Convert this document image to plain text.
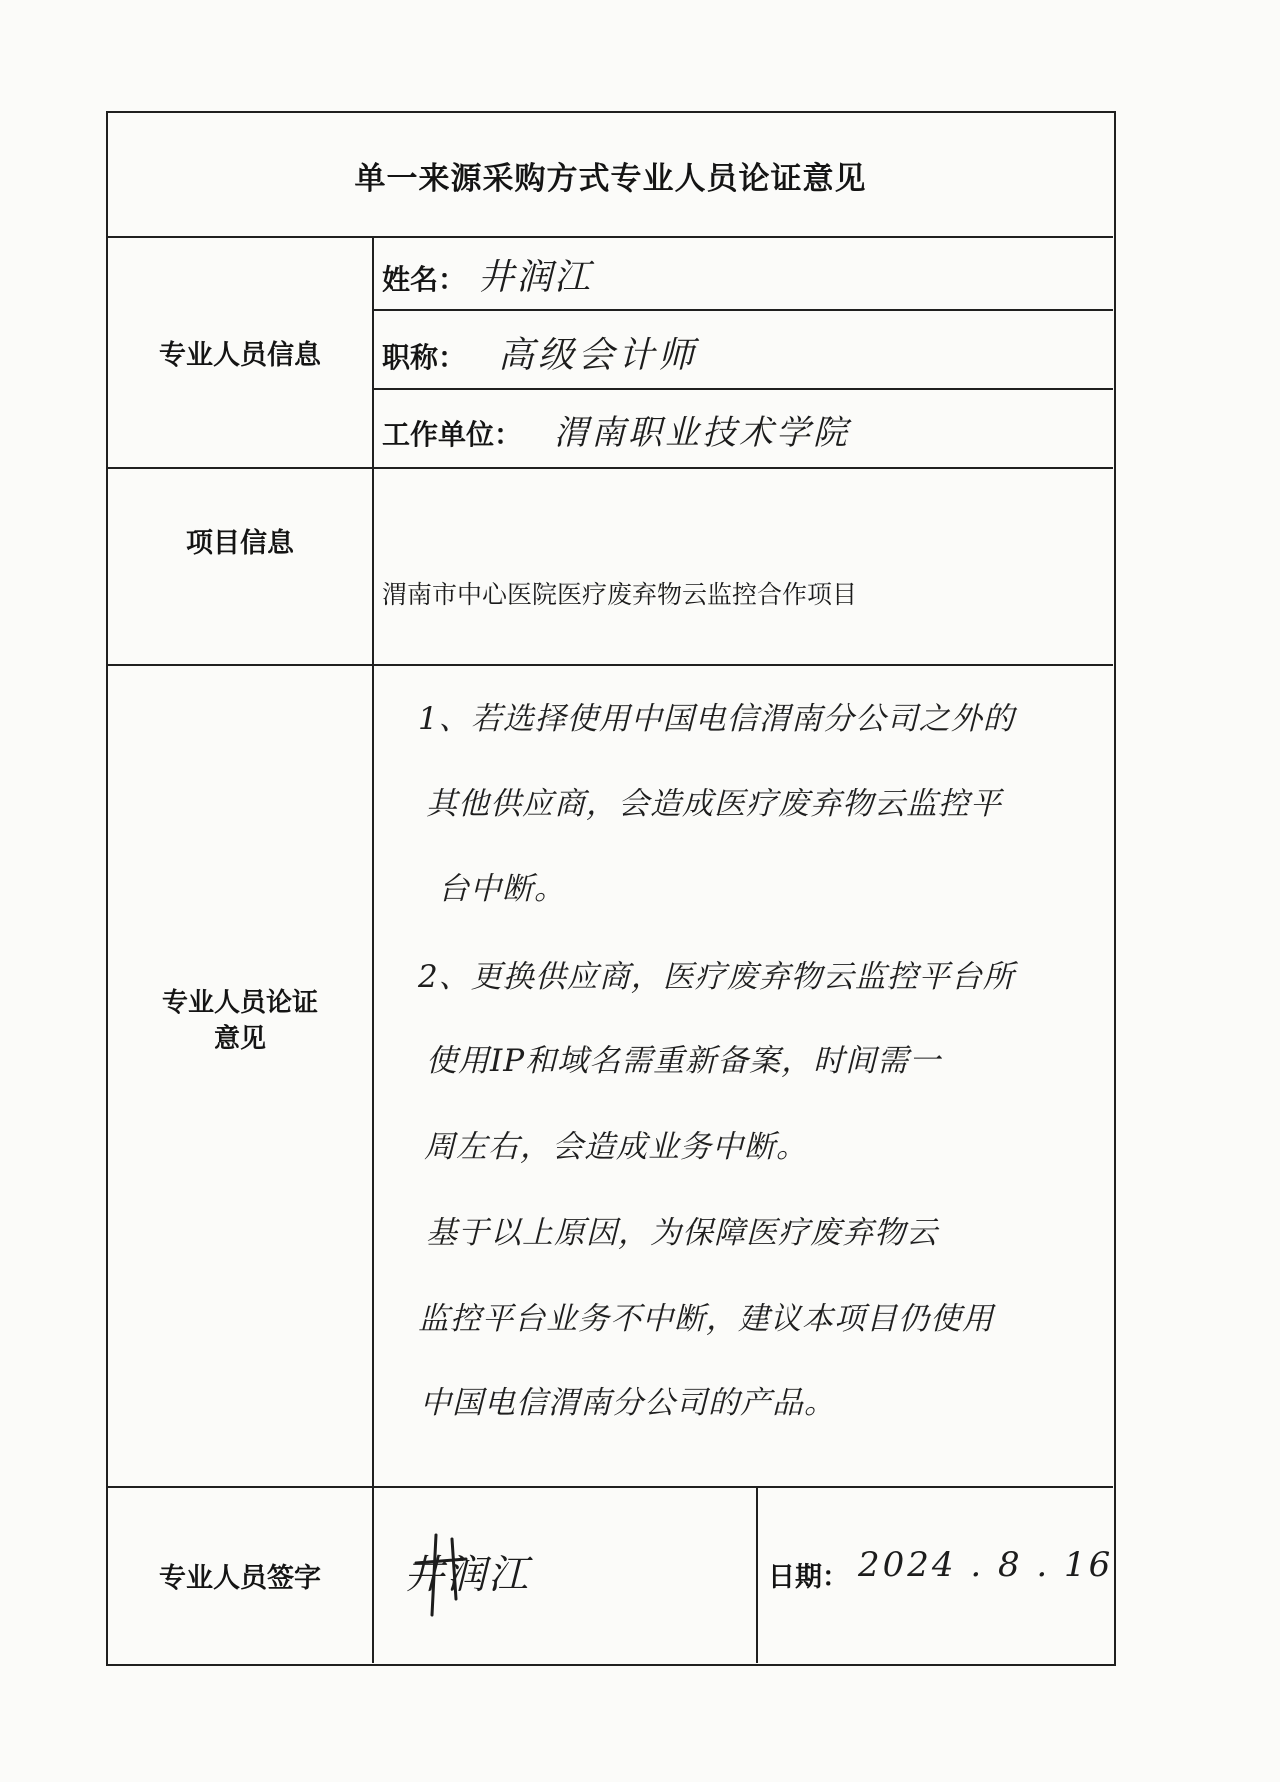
单一来源采购方式专业人员论证意见
专业人员信息
姓名： 井润江
职称： 高级会计师
工作单位： 渭南职业技术学院
项目信息
渭南市中心医院医疗废弃物云监控合作项目
专业人员论证
意见
1、若选择使用中国电信渭南分公司之外的
其他供应商，会造成医疗废弃物云监控平
台中断。
2、更换供应商，医疗废弃物云监控平台所
使用IP和域名需重新备案，时间需一
周左右，会造成业务中断。
基于以上原因，为保障医疗废弃物云
监控平台业务不中断，建议本项目仍使用
中国电信渭南分公司的产品。
专业人员签字	井润江	日期： 2024 . 8 . 16
